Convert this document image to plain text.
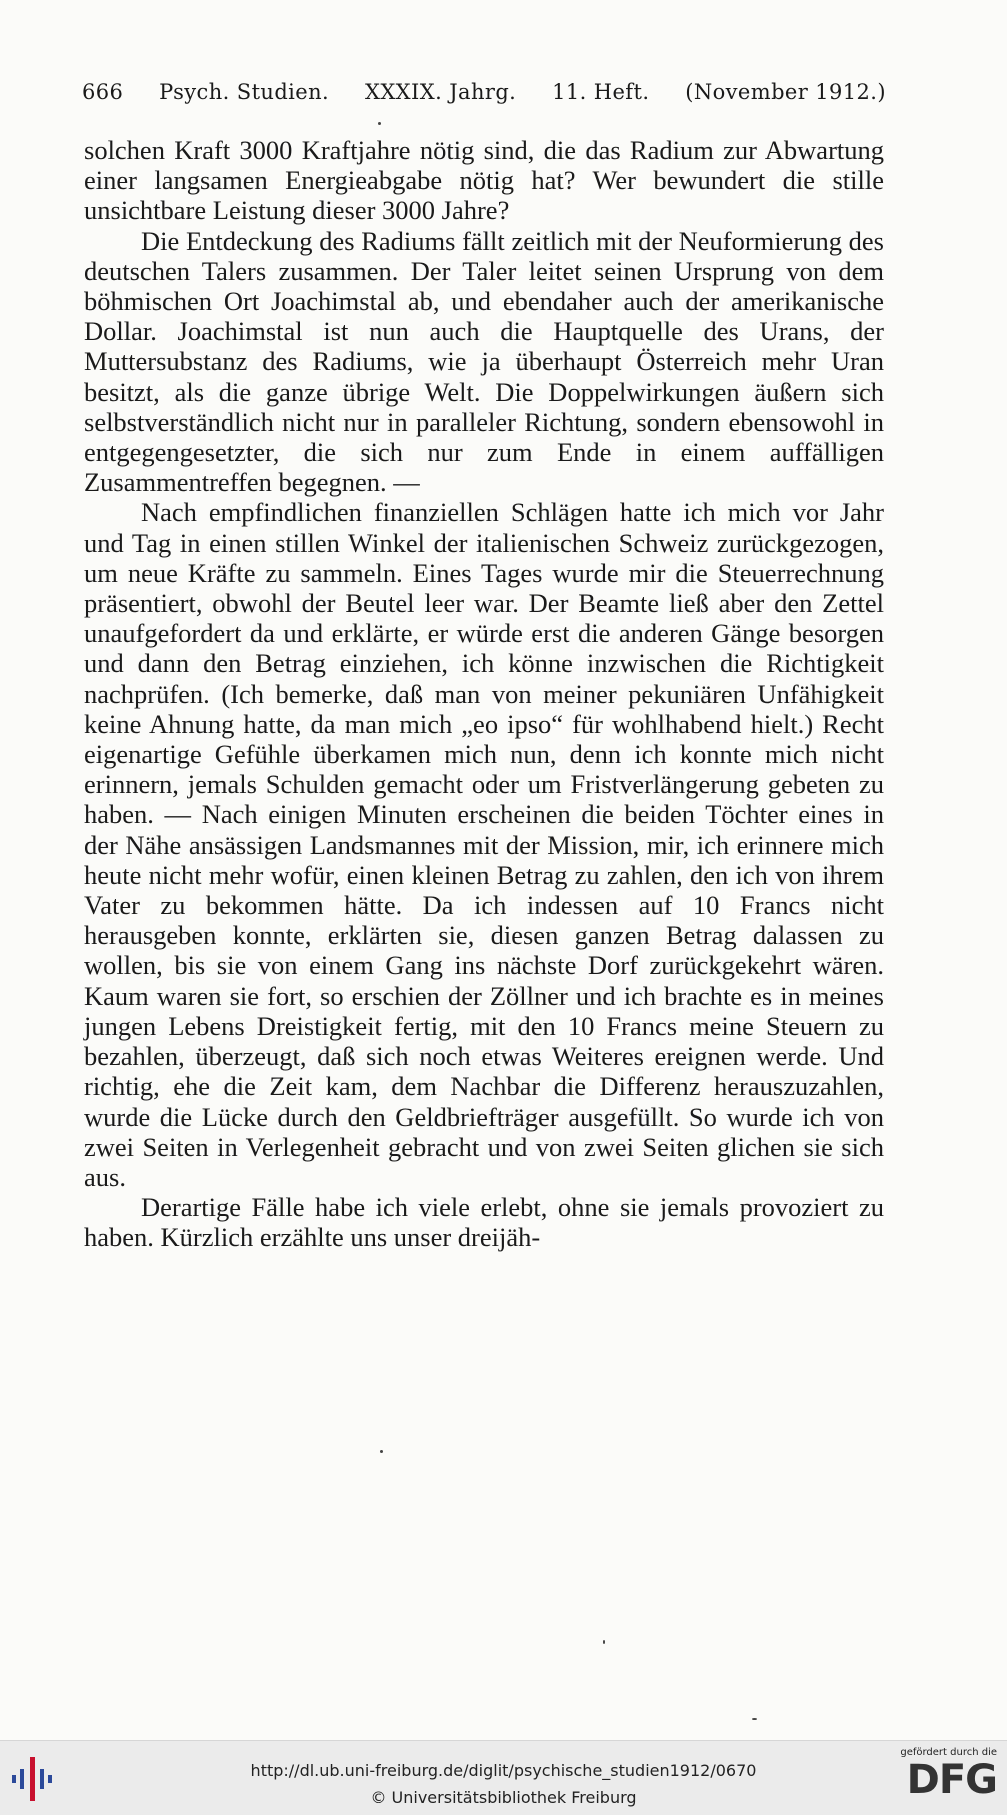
666 Psych. Studien. XXXIX. Jahrg. 11. Heft. (November 1912.)

solchen Kraft 3000 Kraftjahre nötig sind, die das Radium zur Abwartung einer langsamen Energieabgabe nötig hat? Wer bewundert die stille unsichtbare Leistung dieser 3000 Jahre?

Die Entdeckung des Radiums fällt zeitlich mit der Neuformierung des deutschen Talers zusammen. Der Taler leitet seinen Ursprung von dem böhmischen Ort Joachimstal ab, und ebendaher auch der amerikanische Dollar. Joachimstal ist nun auch die Hauptquelle des Urans, der Muttersubstanz des Radiums, wie ja überhaupt Österreich mehr Uran besitzt, als die ganze übrige Welt. Die Doppelwirkungen äußern sich selbstverständlich nicht nur in paralleler Richtung, sondern ebensowohl in entgegengesetzter, die sich nur zum Ende in einem auffälligen Zusammentreffen begegnen. —

Nach empfindlichen finanziellen Schlägen hatte ich mich vor Jahr und Tag in einen stillen Winkel der italienischen Schweiz zurückgezogen, um neue Kräfte zu sammeln. Eines Tages wurde mir die Steuerrechnung präsentiert, obwohl der Beutel leer war. Der Beamte ließ aber den Zettel unaufgefordert da und erklärte, er würde erst die anderen Gänge besorgen und dann den Betrag einziehen, ich könne inzwischen die Richtigkeit nachprüfen. (Ich bemerke, daß man von meiner pekuniären Unfähigkeit keine Ahnung hatte, da man mich „eo ipso“ für wohlhabend hielt.) Recht eigenartige Gefühle überkamen mich nun, denn ich konnte mich nicht erinnern, jemals Schulden gemacht oder um Fristverlängerung gebeten zu haben. — Nach einigen Minuten erscheinen die beiden Töchter eines in der Nähe ansässigen Landsmannes mit der Mission, mir, ich erinnere mich heute nicht mehr wofür, einen kleinen Betrag zu zahlen, den ich von ihrem Vater zu bekommen hätte. Da ich indessen auf 10 Francs nicht herausgeben konnte, erklärten sie, diesen ganzen Betrag dalassen zu wollen, bis sie von einem Gang ins nächste Dorf zurückgekehrt wären. Kaum waren sie fort, so erschien der Zöllner und ich brachte es in meines jungen Lebens Dreistigkeit fertig, mit den 10 Francs meine Steuern zu bezahlen, überzeugt, daß sich noch etwas Weiteres ereignen werde. Und richtig, ehe die Zeit kam, dem Nachbar die Differenz herauszuzahlen, wurde die Lücke durch den Geldbriefträger ausgefüllt. So wurde ich von zwei Seiten in Verlegenheit gebracht und von zwei Seiten glichen sie sich aus.

Derartige Fälle habe ich viele erlebt, ohne sie jemals provoziert zu haben. Kürzlich erzählte uns unser dreijäh-

http://dl.ub.uni-freiburg.de/diglit/psychische_studien1912/0670
© Universitätsbibliothek Freiburg
gefördert durch die
DFG
